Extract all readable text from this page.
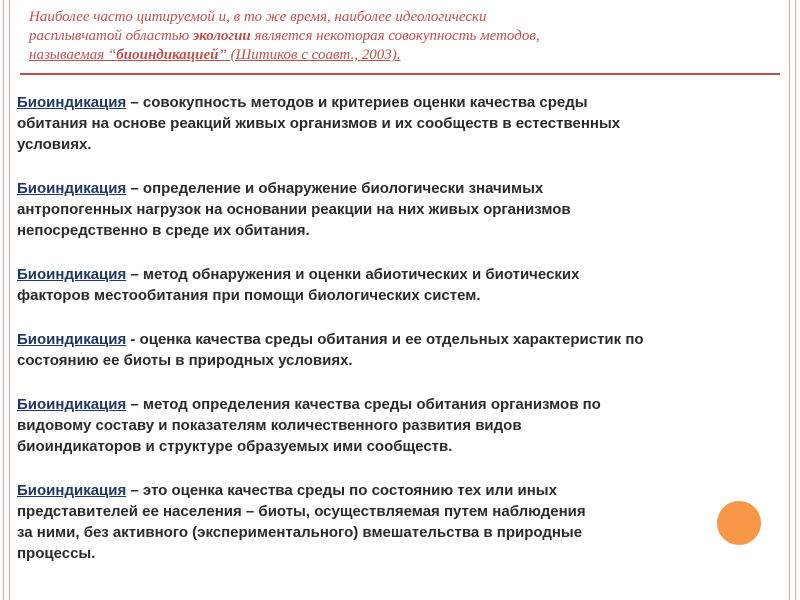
Наиболее часто цитируемой и, в то же время, наиболее идеологически
расплывчатой областью экологии является некоторая совокупность методов,
называемая “биоиндикацией” (Шитиков с соавт., 2003).
Биоиндикация – совокупность методов и критериев оценки качества среды
обитания на основе реакций живых организмов и их сообществ в естественных
условиях.
Биоиндикация – определение и обнаружение биологически значимых
антропогенных нагрузок на основании реакции на них живых организмов
непосредственно в среде их обитания.
Биоиндикация – метод обнаружения и оценки абиотических и биотических
факторов местообитания при помощи биологических систем.
Биоиндикация - оценка качества среды обитания и ее отдельных характеристик по
состоянию ее биоты в природных условиях.
Биоиндикация – метод определения качества среды обитания организмов по
видовому составу и показателям количественного развития видов
биоиндикаторов и структуре образуемых ими сообществ.
Биоиндикация – это оценка качества среды по состоянию тех или иных
представителей ее населения – биоты, осуществляемая путем наблюдения
за ними, без активного (экспериментального) вмешательства в природные
процессы.
